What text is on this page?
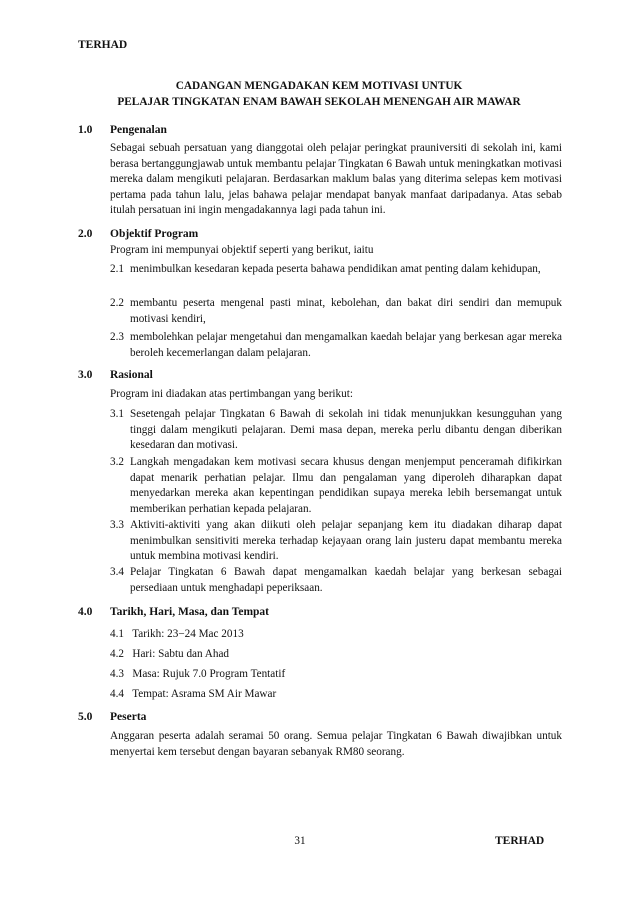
TERHAD
CADANGAN MENGADAKAN KEM MOTIVASI UNTUK
PELAJAR TINGKATAN ENAM BAWAH SEKOLAH MENENGAH AIR MAWAR
1.0 Pengenalan
Sebagai sebuah persatuan yang dianggotai oleh pelajar peringkat prauniversiti di sekolah ini, kami berasa bertanggungjawab untuk membantu pelajar Tingkatan 6 Bawah untuk meningkatkan motivasi mereka dalam mengikuti pelajaran. Berdasarkan maklum balas yang diterima selepas kem motivasi pertama pada tahun lalu, jelas bahawa pelajar mendapat banyak manfaat daripadanya. Atas sebab itulah persatuan ini ingin mengadakannya lagi pada tahun ini.
2.0 Objektif Program
Program ini mempunyai objektif seperti yang berikut, iaitu
2.1 menimbulkan kesedaran kepada peserta bahawa pendidikan amat penting dalam kehidupan,
2.2 membantu peserta mengenal pasti minat, kebolehan, dan bakat diri sendiri dan memupuk motivasi kendiri,
2.3 membolehkan pelajar mengetahui dan mengamalkan kaedah belajar yang berkesan agar mereka beroleh kecemerlangan dalam pelajaran.
3.0 Rasional
Program ini diadakan atas pertimbangan yang berikut:
3.1 Sesetengah pelajar Tingkatan 6 Bawah di sekolah ini tidak menunjukkan kesungguhan yang tinggi dalam mengikuti pelajaran. Demi masa depan, mereka perlu dibantu dengan diberikan kesedaran dan motivasi.
3.2 Langkah mengadakan kem motivasi secara khusus dengan menjemput penceramah difikirkan dapat menarik perhatian pelajar. Ilmu dan pengalaman yang diperoleh diharapkan dapat menyedarkan mereka akan kepentingan pendidikan supaya mereka lebih bersemangat untuk memberikan perhatian kepada pelajaran.
3.3 Aktiviti-aktiviti yang akan diikuti oleh pelajar sepanjang kem itu diadakan diharap dapat menimbulkan sensitiviti mereka terhadap kejayaan orang lain justeru dapat membantu mereka untuk membina motivasi kendiri.
3.4 Pelajar Tingkatan 6 Bawah dapat mengamalkan kaedah belajar yang berkesan sebagai persediaan untuk menghadapi peperiksaan.
4.0 Tarikh, Hari, Masa, dan Tempat
4.1 Tarikh: 23−24 Mac 2013
4.2 Hari: Sabtu dan Ahad
4.3 Masa: Rujuk 7.0 Program Tentatif
4.4 Tempat: Asrama SM Air Mawar
5.0 Peserta
Anggaran peserta adalah seramai 50 orang. Semua pelajar Tingkatan 6 Bawah diwajibkan untuk menyertai kem tersebut dengan bayaran sebanyak RM80 seorang.
31	TERHAD
